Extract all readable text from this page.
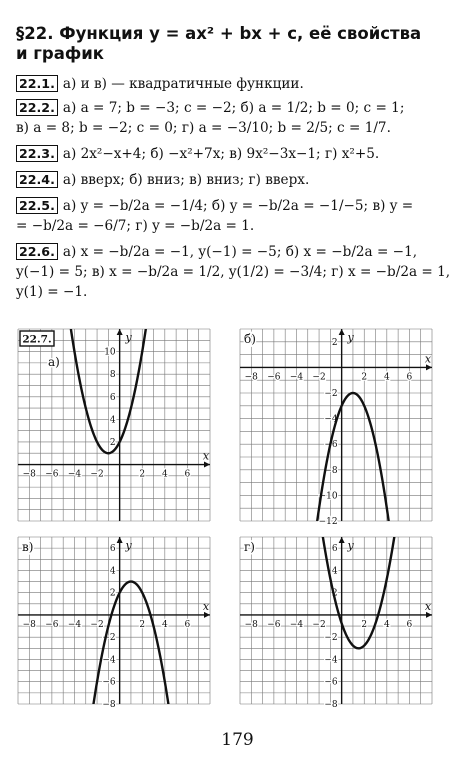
§22. Функция y = ax² + bx + c, её свойства
и график
22.1. а) и в) — квадратичные функции.
22.2. а) a = 7; b = −3; c = −2; б) a = 1/2; b = 0; c = 1;
в) a = 8; b = −2; c = 0; г) a = −3/10; b = 2/5; c = 1/7.
22.3. а) 2x²−x+4; б) −x²+7x; в) 9x²−3x−1; г) x²+5.
22.4. а) вверх; б) вниз; в) вниз; г) вверх.
22.5. а) y = −b/2a = −1/4; б) y = −b/2a = −1/−5; в) y =
= −b/2a = −6/7; г) y = −b/2a = 1.
22.6. а) x = −b/2a = −1, y(−1) = −5; б) x = −b/2a = −1,
y(−1) = 5; в) x = −b/2a = 1/2, y(1/2) = −3/4; г) x = −b/2a = 1,
y(1) = −1.
x
y
−8 −6 −4 −2	2 4 6
10
8
6
4
2
22.7.
а)	x
y
−8 −6 −4 −2	2 4 6
2
−2
−4
−6
−8
−10
−12
б)
x
y
−8 −6 −4 −2	2 4 6
6
4
2
−2
−4
−6
−8
в)
x
y
−8 −6 −4 −2	2 4 6
6
4
2
−2
−4
−6
−8
г)
179
